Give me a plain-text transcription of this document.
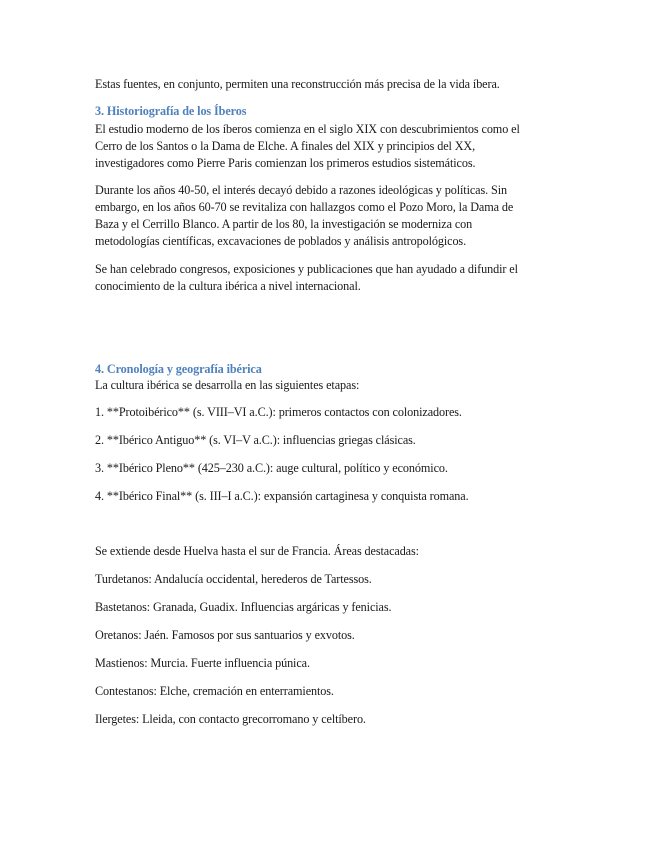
Estas fuentes, en conjunto, permiten una reconstrucción más precisa de la vida íbera.
3. Historiografía de los Íberos
El estudio moderno de los íberos comienza en el siglo XIX con descubrimientos como el
Cerro de los Santos o la Dama de Elche. A finales del XIX y principios del XX,
investigadores como Pierre Paris comienzan los primeros estudios sistemáticos.
Durante los años 40-50, el interés decayó debido a razones ideológicas y políticas. Sin
embargo, en los años 60-70 se revitaliza con hallazgos como el Pozo Moro, la Dama de
Baza y el Cerrillo Blanco. A partir de los 80, la investigación se moderniza con
metodologías científicas, excavaciones de poblados y análisis antropológicos.
Se han celebrado congresos, exposiciones y publicaciones que han ayudado a difundir el
conocimiento de la cultura ibérica a nivel internacional.
4. Cronología y geografía ibérica
La cultura ibérica se desarrolla en las siguientes etapas:
1. **Protoibérico** (s. VIII–VI a.C.): primeros contactos con colonizadores.
2. **Ibérico Antiguo** (s. VI–V a.C.): influencias griegas clásicas.
3. **Ibérico Pleno** (425–230 a.C.): auge cultural, político y económico.
4. **Ibérico Final** (s. III–I a.C.): expansión cartaginesa y conquista romana.
Se extiende desde Huelva hasta el sur de Francia. Áreas destacadas:
Turdetanos: Andalucía occidental, herederos de Tartessos.
Bastetanos: Granada, Guadix. Influencias argáricas y fenicias.
Oretanos: Jaén. Famosos por sus santuarios y exvotos.
Mastienos: Murcia. Fuerte influencia púnica.
Contestanos: Elche, cremación en enterramientos.
Ilergetes: Lleida, con contacto grecorromano y celtíbero.
